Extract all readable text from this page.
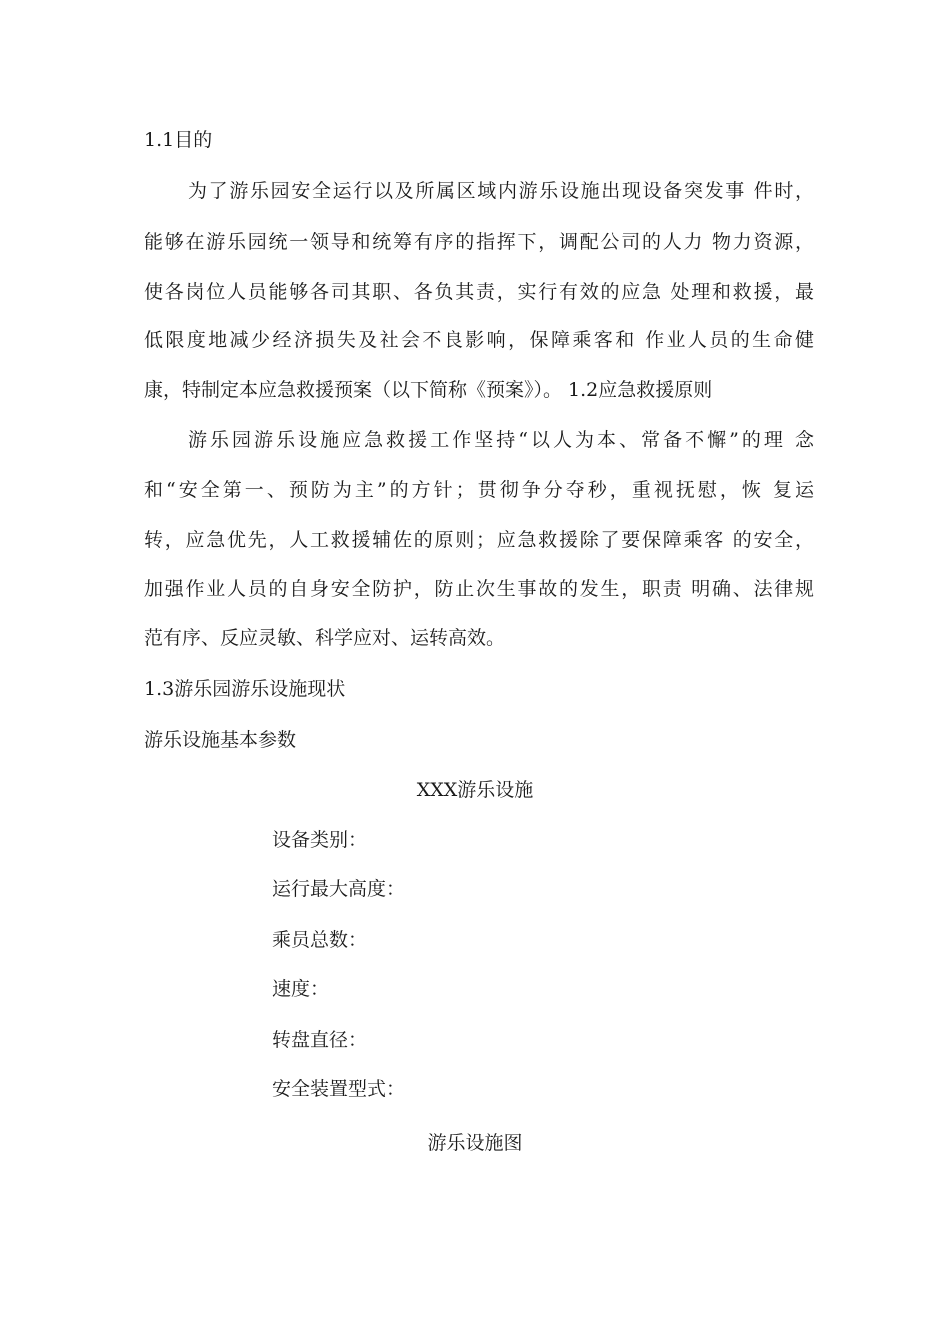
1.1目的
为了游乐园安全运行以及所属区域内游乐设施出现设备突发事 件时，
能够在游乐园统一领导和统筹有序的指挥下，调配公司的人力 物力资源，
使各岗位人员能够各司其职、各负其责，实行有效的应急 处理和救援，最
低限度地减少经济损失及社会不良影响，保障乘客和 作业人员的生命健
康，特制定本应急救援预案（以下简称《预案》）。 1.2应急救援原则
游乐园游乐设施应急救援工作坚持“以人为本、常备不懈”的理 念
和“安全第一、预防为主”的方针；贯彻争分夺秒，重视抚慰，恢 复运
转，应急优先，人工救援辅佐的原则；应急救援除了要保障乘客 的安全，
加强作业人员的自身安全防护，防止次生事故的发生，职责 明确、法律规
范有序、反应灵敏、科学应对、运转高效。
1.3游乐园游乐设施现状
游乐设施基本参数
XXX游乐设施
设备类别：
运行最大高度：
乘员总数：
速度：
转盘直径：
安全装置型式：
游乐设施图
